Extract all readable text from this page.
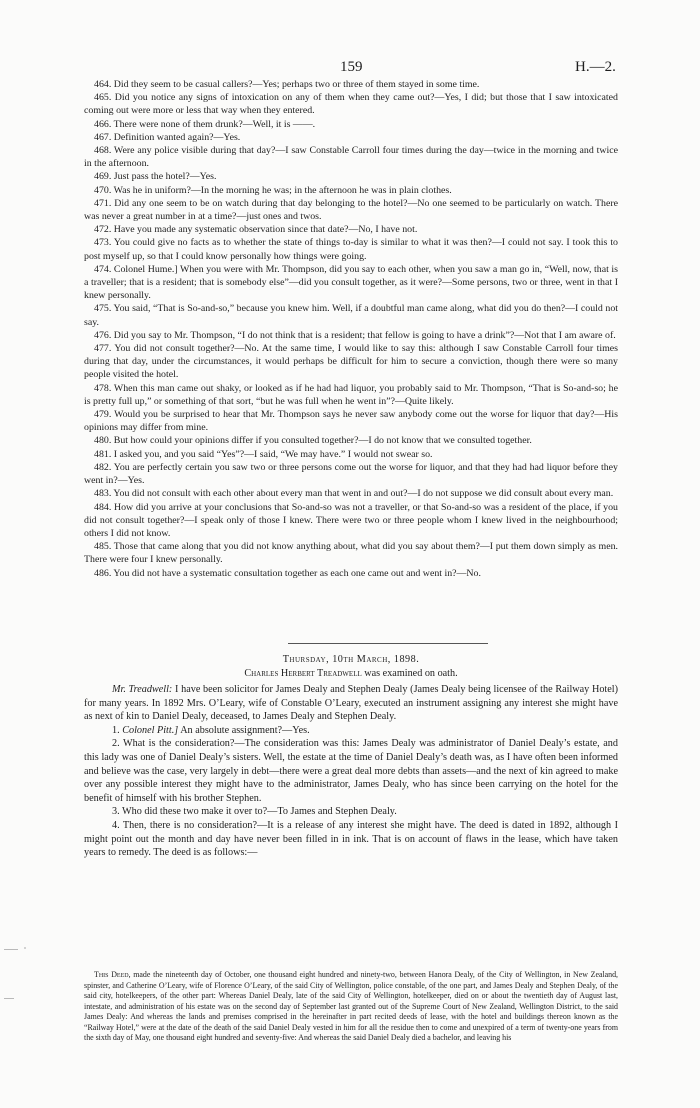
159	H.—2.

464. Did they seem to be casual callers?—Yes; perhaps two or three of them stayed in some time.

465. Did you notice any signs of intoxication on any of them when they came out?—Yes, I did; but those that I saw intoxicated coming out were more or less that way when they entered.

466. There were none of them drunk?—Well, it is ——.

467. Definition wanted again?—Yes.

468. Were any police visible during that day?—I saw Constable Carroll four times during the day—twice in the morning and twice in the afternoon.

469. Just pass the hotel?—Yes.

470. Was he in uniform?—In the morning he was; in the afternoon he was in plain clothes.

471. Did any one seem to be on watch during that day belonging to the hotel?—No one seemed to be particularly on watch. There was never a great number in at a time?—just ones and twos.

472. Have you made any systematic observation since that date?—No, I have not.

473. You could give no facts as to whether the state of things to-day is similar to what it was then?—I could not say. I took this to post myself up, so that I could know personally how things were going.

474. Colonel Hume.] When you were with Mr. Thompson, did you say to each other, when you saw a man go in, “Well, now, that is a traveller; that is a resident; that is somebody else”—did you consult together, as it were?—Some persons, two or three, went in that I knew personally.

475. You said, “That is So-and-so,” because you knew him. Well, if a doubtful man came along, what did you do then?—I could not say.

476. Did you say to Mr. Thompson, “I do not think that is a resident; that fellow is going to have a drink”?—Not that I am aware of.

477. You did not consult together?—No. At the same time, I would like to say this: although I saw Constable Carroll four times during that day, under the circumstances, it would perhaps be difficult for him to secure a conviction, though there were so many people visited the hotel.

478. When this man came out shaky, or looked as if he had had liquor, you probably said to Mr. Thompson, “That is So-and-so; he is pretty full up,” or something of that sort, “but he was full when he went in”?—Quite likely.

479. Would you be surprised to hear that Mr. Thompson says he never saw anybody come out the worse for liquor that day?—His opinions may differ from mine.

480. But how could your opinions differ if you consulted together?—I do not know that we consulted together.

481. I asked you, and you said “Yes”?—I said, “We may have.” I would not swear so.

482. You are perfectly certain you saw two or three persons come out the worse for liquor, and that they had had liquor before they went in?—Yes.

483. You did not consult with each other about every man that went in and out?—I do not suppose we did consult about every man.

484. How did you arrive at your conclusions that So-and-so was not a traveller, or that So-and-so was a resident of the place, if you did not consult together?—I speak only of those I knew. There were two or three people whom I knew lived in the neighbourhood; others I did not know.

485. Those that came along that you did not know anything about, what did you say about them?—I put them down simply as men. There were four I knew personally.

486. You did not have a systematic consultation together as each one came out and went in?—No.

Thursday, 10th March, 1898.
Charles Herbert Treadwell was examined on oath.

Mr. Treadwell: I have been solicitor for James Dealy and Stephen Dealy (James Dealy being licensee of the Railway Hotel) for many years. In 1892 Mrs. O’Leary, wife of Constable O’Leary, executed an instrument assigning any interest she might have as next of kin to Daniel Dealy, deceased, to James Dealy and Stephen Dealy.

1. Colonel Pitt.] An absolute assignment?—Yes.

2. What is the consideration?—The consideration was this: James Dealy was administrator of Daniel Dealy’s estate, and this lady was one of Daniel Dealy’s sisters. Well, the estate at the time of Daniel Dealy’s death was, as I have often been informed and believe was the case, very largely in debt—there were a great deal more debts than assets—and the next of kin agreed to make over any possible interest they might have to the administrator, James Dealy, who has since been carrying on the hotel for the benefit of himself with his brother Stephen.

3. Who did these two make it over to?—To James and Stephen Dealy.

4. Then, there is no consideration?—It is a release of any interest she might have. The deed is dated in 1892, although I might point out the month and day have never been filled in in ink. That is on account of flaws in the lease, which have taken years to remedy. The deed is as follows:—

This Deed, made the nineteenth day of October, one thousand eight hundred and ninety-two, between Hanora Dealy, of the City of Wellington, in New Zealand, spinster, and Catherine O’Leary, wife of Florence O’Leary, of the said City of Wellington, police constable, of the one part, and James Dealy and Stephen Dealy, of the said city, hotelkeepers, of the other part: Whereas Daniel Dealy, late of the said City of Wellington, hotelkeeper, died on or about the twentieth day of August last, intestate, and administration of his estate was on the second day of September last granted out of the Supreme Court of New Zealand, Wellington District, to the said James Dealy: And whereas the lands and premises comprised in the hereinafter in part recited deeds of lease, with the hotel and buildings thereon known as the “Railway Hotel,” were at the date of the death of the said Daniel Dealy vested in him for all the residue then to come and unexpired of a term of twenty-one years from the sixth day of May, one thousand eight hundred and seventy-five: And whereas the said Daniel Dealy died a bachelor, and leaving his
